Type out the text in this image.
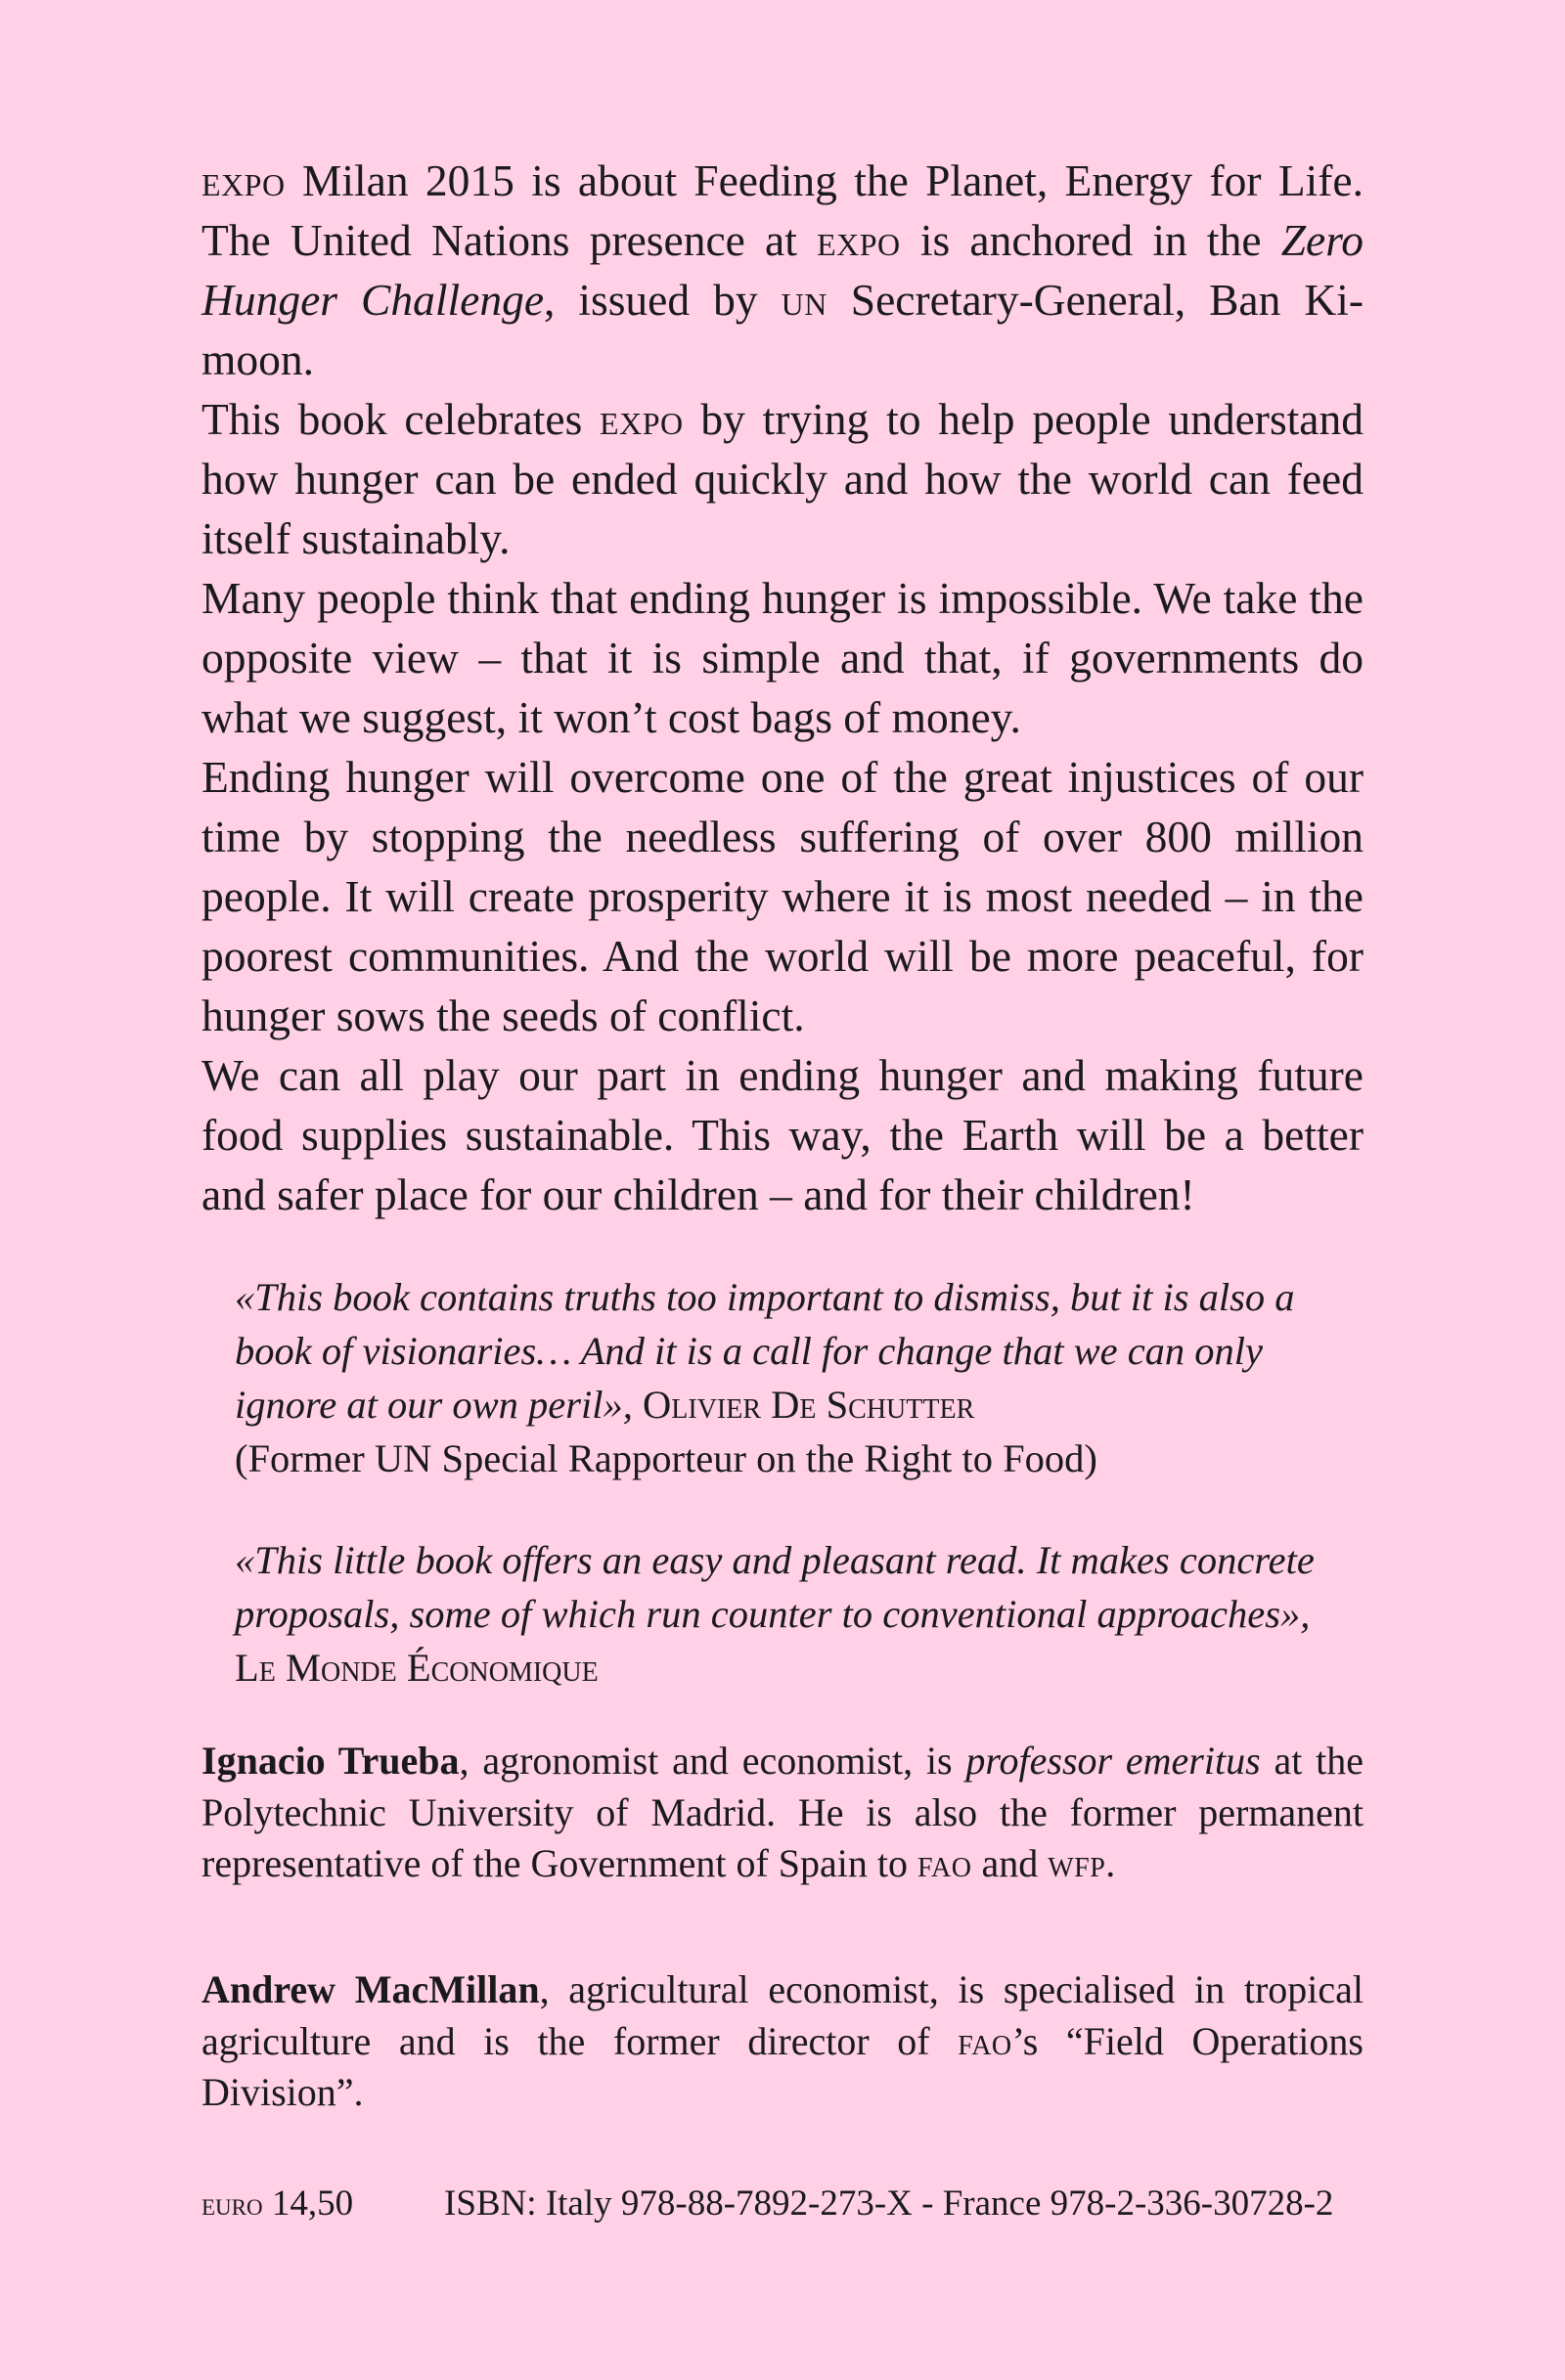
expo Milan 2015 is about Feeding the Planet, Energy for Life. The United Nations presence at expo is anchored in the Zero Hunger Challenge, issued by un Secretary-General, Ban Ki-moon.

This book celebrates expo by trying to help people understand how hunger can be ended quickly and how the world can feed itself sustainably.

Many people think that ending hunger is impossible. We take the opposite view – that it is simple and that, if governments do what we suggest, it won’t cost bags of money.

Ending hunger will overcome one of the great injustices of our time by stopping the needless suffering of over 800 million people. It will create prosperity where it is most needed – in the poorest communities. And the world will be more peaceful, for hunger sows the seeds of conflict.

We can all play our part in ending hunger and making future food supplies sustainable. This way, the Earth will be a better and safer place for our children – and for their children!

«This book contains truths too important to dismiss, but it is also a book of visionaries… And it is a call for change that we can only ignore at our own peril», Olivier De Schutter
(Former UN Special Rapporteur on the Right to Food)

«This little book offers an easy and pleasant read. It makes concrete proposals, some of which run counter to conventional approaches», Le Monde Économique

Ignacio Trueba, agronomist and economist, is professor emeritus at the Polytechnic University of Madrid. He is also the former permanent representative of the Government of Spain to fao and wfp.

Andrew MacMillan, agricultural economist, is specialised in tropical agriculture and is the former director of fao’s “Field Operations Division”.

euro 14,50	ISBN: Italy 978-88-7892-273-X - France 978-2-336-30728-2
